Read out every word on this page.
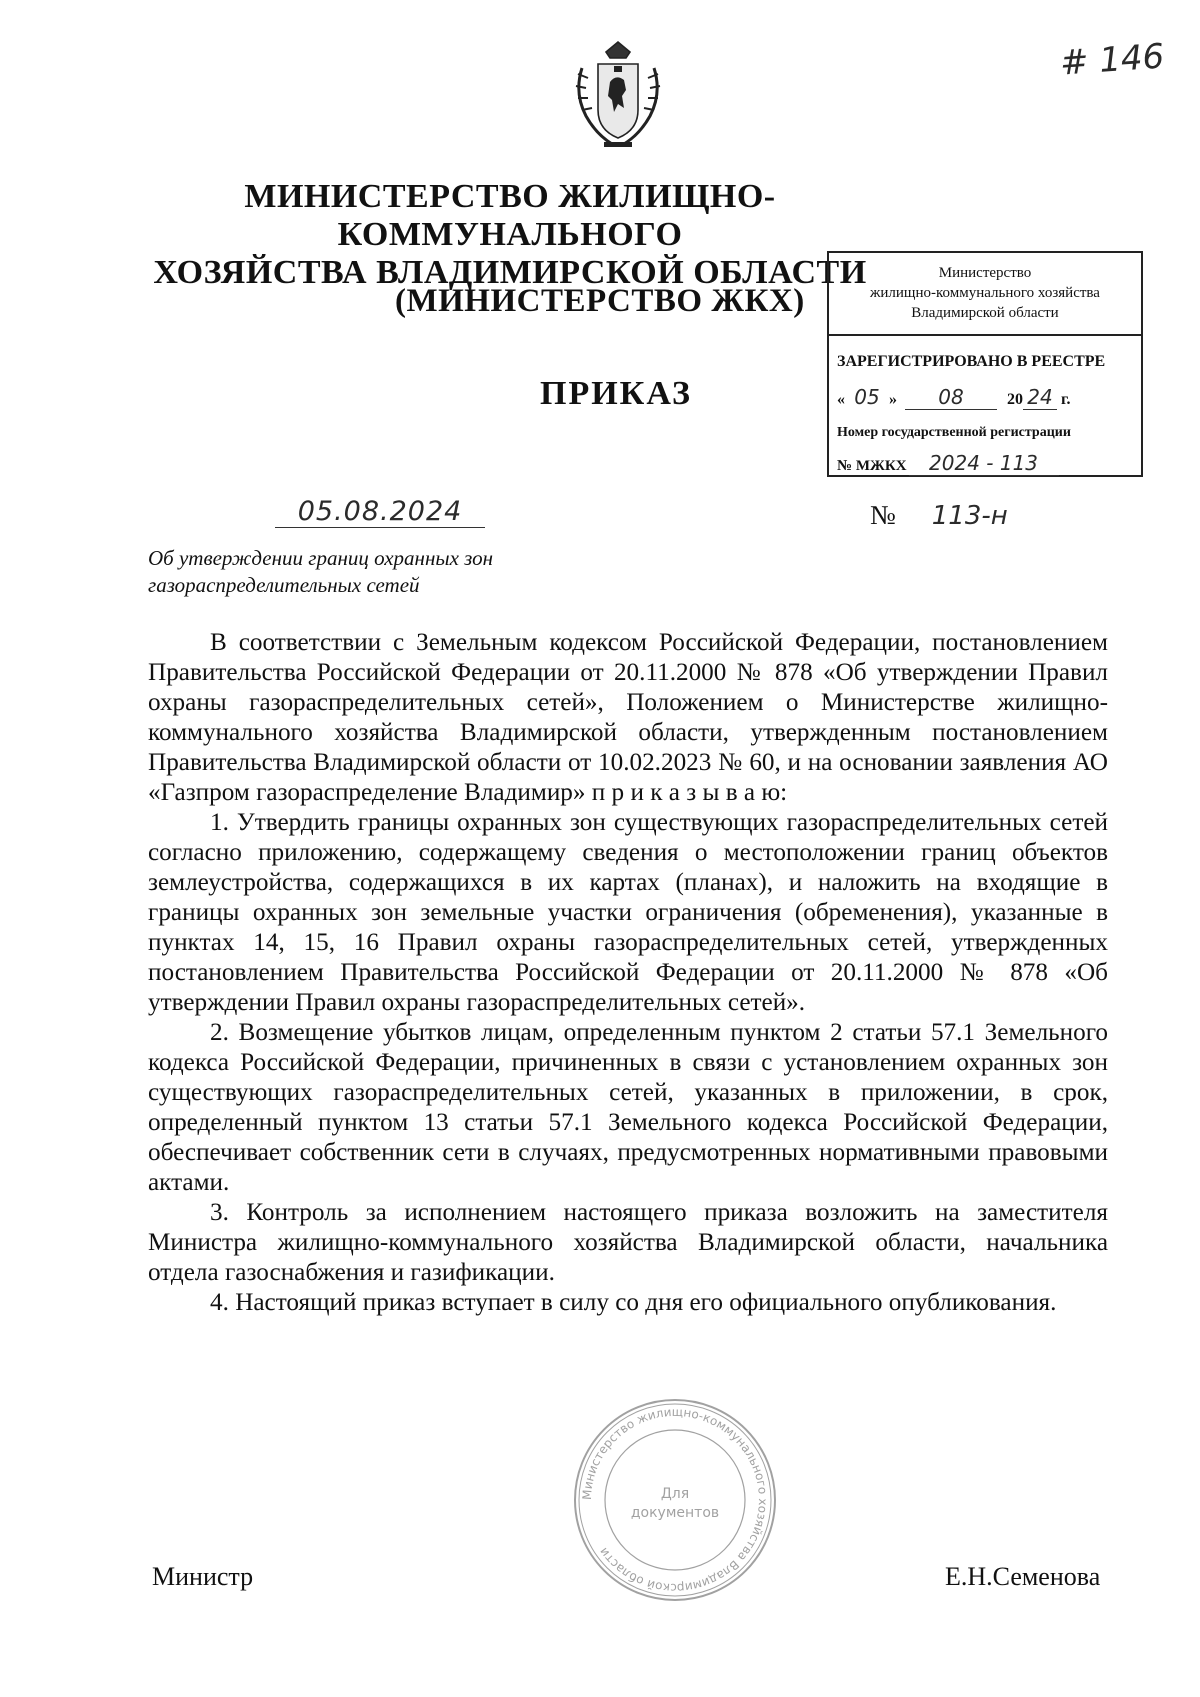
# 146
МИНИСТЕРСТВО ЖИЛИЩНО-КОММУНАЛЬНОГО
ХОЗЯЙСТВА ВЛАДИМИРСКОЙ ОБЛАСТИ
(МИНИСТЕРСТВО ЖКХ)
ПРИКАЗ
Министерство
жилищно-коммунального хозяйства
Владимирской области
ЗАРЕГИСТРИРОВАНО В РЕЕСТРЕ
« 05 » 08	20 24 г.
Номер государственной регистрации
№ МЖКХ 2024 - 113
05.08.2024	№ 113-н
Об утверждении границ охранных зон
газораспределительных сетей

В соответствии с Земельным кодексом Российской Федерации, постановлением Правительства Российской Федерации от 20.11.2000 № 878 «Об утверждении Правил охраны газораспределительных сетей», Положением о Министерстве жилищно-коммунального хозяйства Владимирской области, утвержденным постановлением Правительства Владимирской области от 10.02.2023 № 60, и на основании заявления АО «Газпром газораспределение Владимир» п р и к а з ы в а ю:

1. Утвердить границы охранных зон существующих газораспределительных сетей согласно приложению, содержащему сведения о местоположении границ объектов землеустройства, содержащихся в их картах (планах), и наложить на входящие в границы охранных зон земельные участки ограничения (обременения), указанные в пунктах 14, 15, 16 Правил охраны газораспределительных сетей, утвержденных постановлением Правительства Российской Федерации от 20.11.2000 № 878 «Об утверждении Правил охраны газораспределительных сетей».

2. Возмещение убытков лицам, определенным пунктом 2 статьи 57.1 Земельного кодекса Российской Федерации, причиненных в связи с установлением охранных зон существующих газораспределительных сетей, указанных в приложении, в срок, определенный пунктом 13 статьи 57.1 Земельного кодекса Российской Федерации, обеспечивает собственник сети в случаях, предусмотренных нормативными правовыми актами.

3. Контроль за исполнением настоящего приказа возложить на заместителя Министра жилищно-коммунального хозяйства Владимирской области, начальника отдела газоснабжения и газификации.

4. Настоящий приказ вступает в силу со дня его официального опубликования.

Министерство жилищно-коммунального хозяйства Владимирской области
Для
документов
Министр	Е.Н.Семенова
